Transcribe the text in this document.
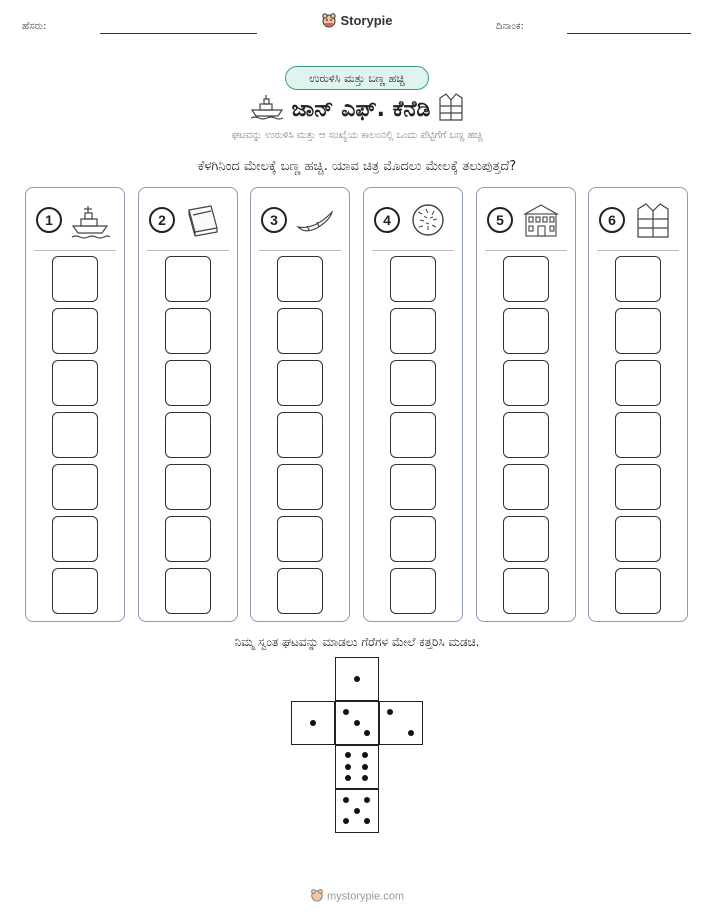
ಹೆಸರು:	Storypie	ದಿನಾಂಕ:
ಉರುಳಿಸಿ ಮತ್ತು ಬಣ್ಣ ಹಚ್ಚಿ
ಜಾನ್ ಎಫ್. ಕೆನೆಡಿ
ಘಟವನ್ನು ಉರುಳಿಸಿ ಮತ್ತು ಆ ಸಂಖ್ಯೆಯ ಕಾಲಂನಲ್ಲಿ ಒಂದು ಪೆಟ್ಟಿಗೆಗೆ ಬಣ್ಣ ಹಚ್ಚಿ
ಕೆಳಗಿನಿಂದ ಮೇಲಕ್ಕೆ ಬಣ್ಣ ಹಚ್ಚಿ. ಯಾವ ಚಿತ್ರ ಮೊದಲು ಮೇಲಕ್ಕೆ ತಲುಪುತ್ತದೆ?
1	2	3	4	5	6
ನಿಮ್ಮ ಸ್ವಂತ ಘಟವನ್ನು ಮಾಡಲು ಗೆರೆಗಳ ಮೇಲೆ ಕತ್ತರಿಸಿ ಮಡಚಿ.
mystorypie.com
